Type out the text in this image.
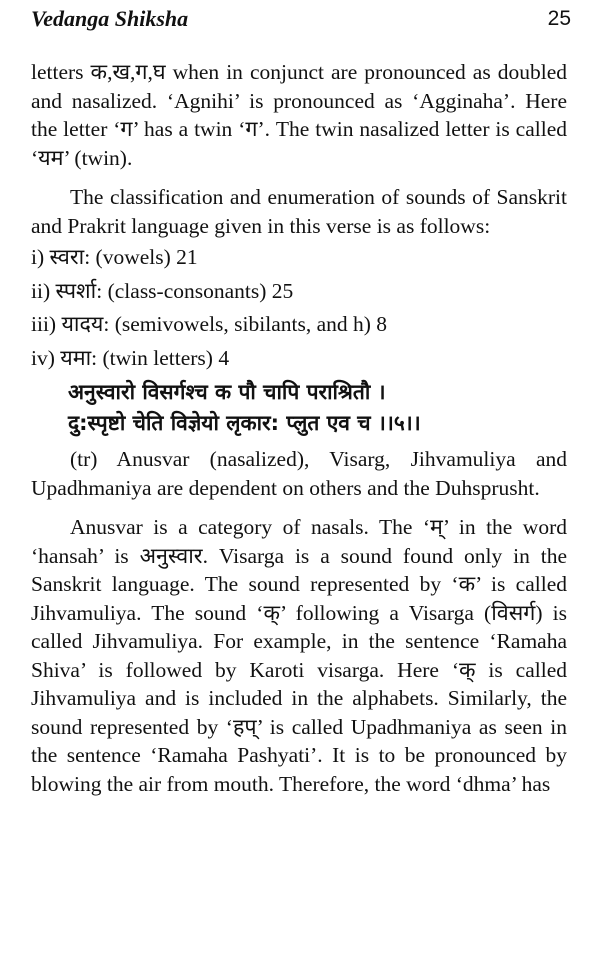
Vedanga Shiksha	25

letters क,ख,ग,घ when in conjunct are pronounced as doubled and nasalized. ‘Agnihi’ is pronounced as ‘Agginaha’. Here the letter ‘ग’ has a twin ‘ग’. The twin nasalized letter is called ‘यम’ (twin).

The classification and enumeration of sounds of Sanskrit and Prakrit language given in this verse is as follows:

i) स्वरा: (vowels) 21
ii) स्पर्शा: (class-consonants) 25
iii) यादय: (semivowels, sibilants, and h) 8
iv) यमा: (twin letters) 4
अनुस्वारो विसर्गश्च क पौ चापि पराश्रितौ ।
दु:स्पृष्टो चेति विज्ञेयो लृकार: प्लुत एव च ।।५।।

(tr) Anusvar (nasalized), Visarg, Jihvamuliya and Upadhmaniya are dependent on others and the Duhsprusht.

Anusvar is a category of nasals. The ‘म्’ in the word ‘hansah’ is अनुस्वार. Visarga is a sound found only in the Sanskrit language. The sound represented by ‘क’ is called Jihvamuliya. The sound ‘क्’ following a Visarga (विसर्ग) is called Jihvamuliya. For example, in the sentence ‘Ramaha Shiva’ is followed by Karoti visarga. Here ‘क् is called Jihvamuliya and is included in the alphabets. Similarly, the sound represented by ‘हप्’ is called Upadhmaniya as seen in the sentence ‘Ramaha Pashyati’. It is to be pronounced by blowing the air from mouth. Therefore, the word ‘dhma’ has
